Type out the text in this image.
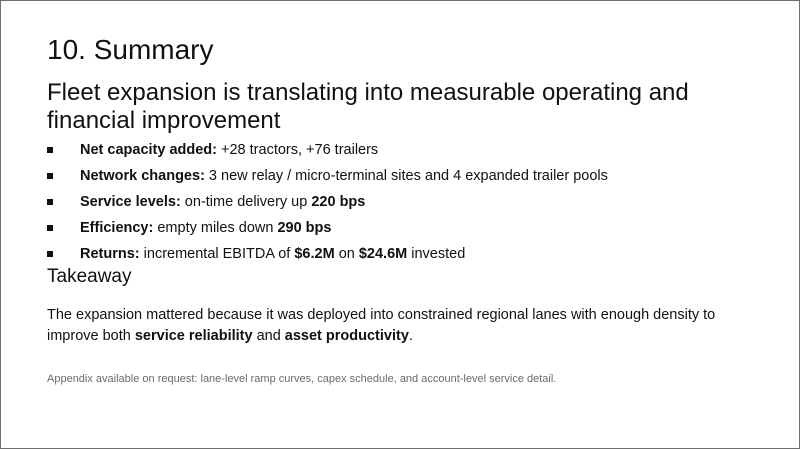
10. Summary
Fleet expansion is translating into measurable operating and financial improvement
Net capacity added: +28 tractors, +76 trailers
Network changes: 3 new relay / micro-terminal sites and 4 expanded trailer pools
Service levels: on-time delivery up 220 bps
Efficiency: empty miles down 290 bps
Returns: incremental EBITDA of $6.2M on $24.6M invested
Takeaway

The expansion mattered because it was deployed into constrained regional lanes with enough density to improve both service reliability and asset productivity.

Appendix available on request: lane-level ramp curves, capex schedule, and account-level service detail.
